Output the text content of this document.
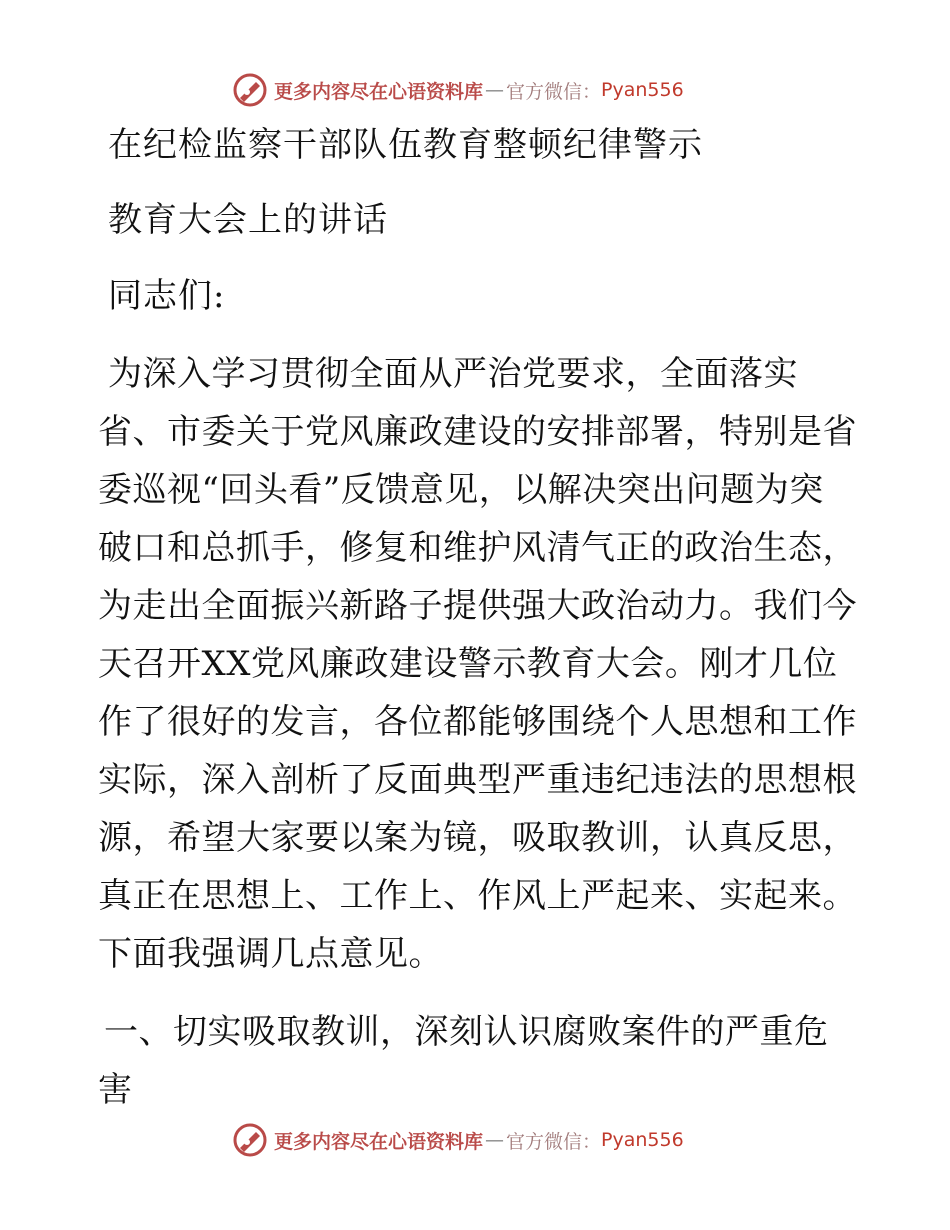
更多内容尽在心语资料库 — 官方微信： Pyan556
在纪检监察干部队伍教育整顿纪律警示
教育大会上的讲话
同志们:
为深入学习贯彻全面从严治党要求，全面落实省、市委关于党风廉政建设的安排部署，特别是省委巡视“回头看”反馈意见，以解决突出问题为突破口和总抓手，修复和维护风清气正的政治生态，为走出全面振兴新路子提供强大政治动力。我们今天召开XX党风廉政建设警示教育大会。刚才几位作了很好的发言，各位都能够围绕个人思想和工作实际，深入剖析了反面典型严重违纪违法的思想根源，希望大家要以案为镜，吸取教训，认真反思，真正在思想上、工作上、作风上严起来、实起来。下面我强调几点意见。
一、切实吸取教训，深刻认识腐败案件的严重危害
更多内容尽在心语资料库 — 官方微信： Pyan556
